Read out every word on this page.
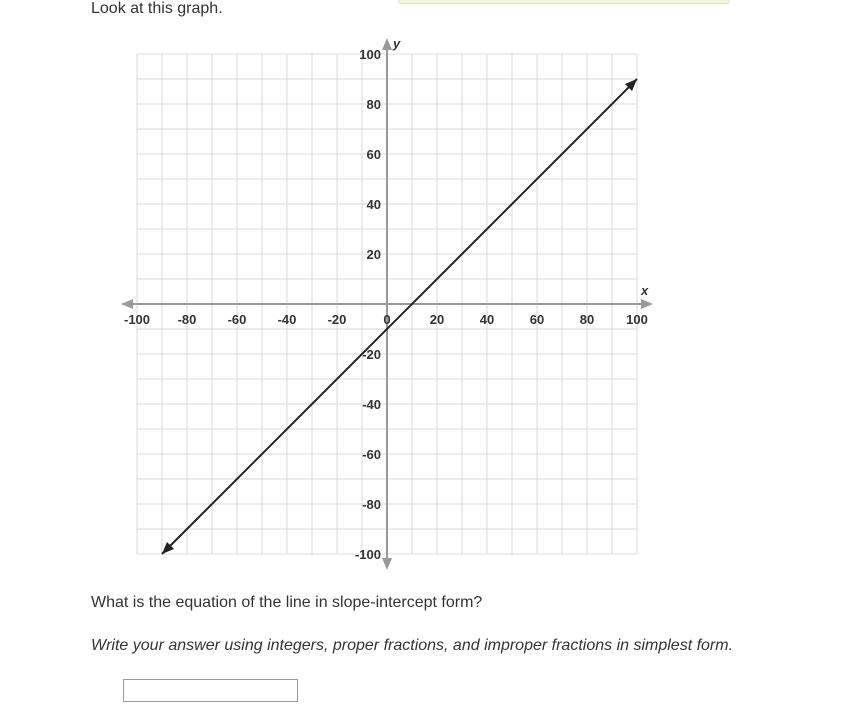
Look at this graph.
x
y
-100 -80 -60 -40 -20	0	20	40	60	80 100
100
80
60
40
20
-20
-40
-60
-80
-100
What is the equation of the line in slope-intercept form?
Write your answer using integers, proper fractions, and improper fractions in simplest form.
